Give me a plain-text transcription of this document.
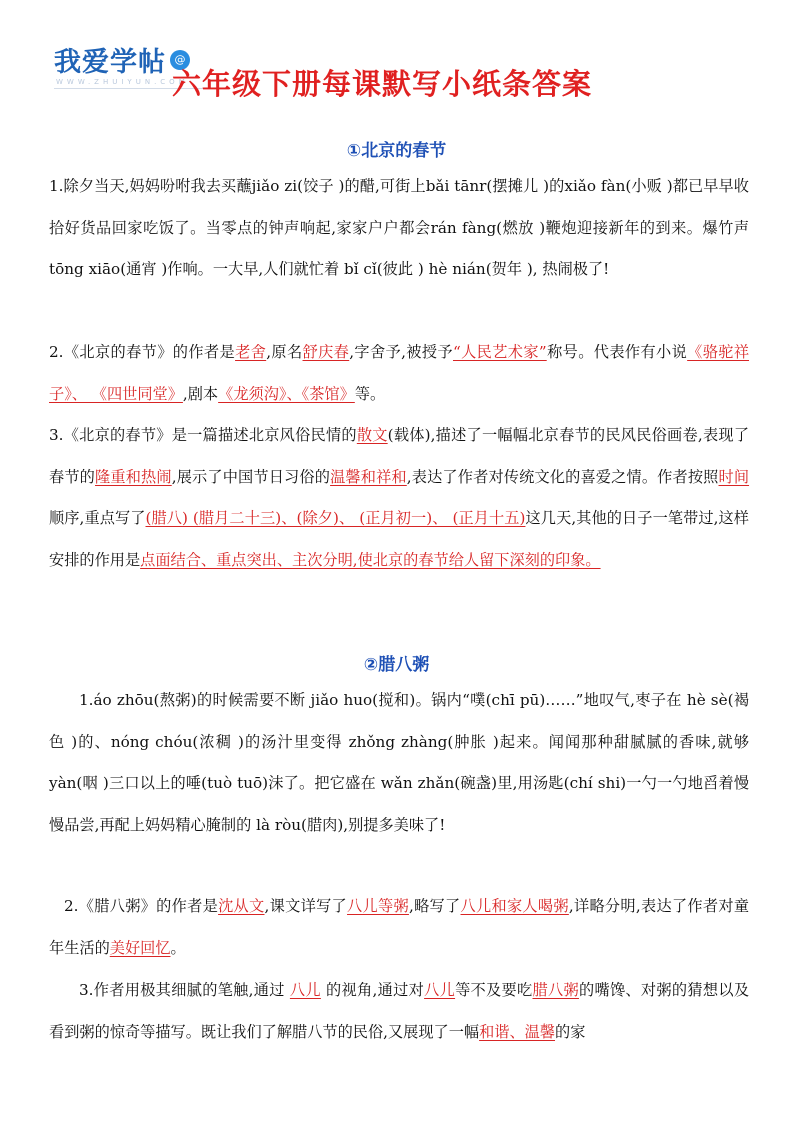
我爱学帖 @
WWW.ZHUIYUN.COM
六年级下册每课默写小纸条答案
①北京的春节
1.除夕当天,妈妈吩咐我去买蘸jiǎo zi(饺子 )的醋,可街上bǎi tānr(摆摊儿 )的xiǎo fàn(小贩 )都已早早收拾好货品回家吃饭了。当零点的钟声响起,家家户户都会rán fàng(燃放 )鞭炮迎接新年的到来。爆竹声tōng xiāo(通宵 )作响。一大早,人们就忙着 bǐ cǐ(彼此 ) hè nián(贺年 ), 热闹极了!
2.《北京的春节》的作者是老舍,原名舒庆春,字舍予,被授予“人民艺术家”称号。代表作有小说《骆驼祥子》、 《四世同堂》,剧本《龙须沟》、《茶馆》等。
3.《北京的春节》是一篇描述北京风俗民情的散文(载体),描述了一幅幅北京春节的民风民俗画卷,表现了春节的隆重和热闹,展示了中国节日习俗的温馨和祥和,表达了作者对传统文化的喜爱之情。作者按照时间顺序,重点写了(腊八) (腊月二十三)、(除夕)、 (正月初一)、 (正月十五)这几天,其他的日子一笔带过,这样安排的作用是点面结合、重点突出、主次分明,使北京的春节给人留下深刻的印象。
②腊八粥
1.áo zhōu(熬粥)的时候需要不断 jiǎo huo(搅和)。锅内“噗(chī pū)……”地叹气,枣子在 hè sè(褐色 )的、nóng chóu(浓稠 )的汤汁里变得 zhǒng zhàng(肿胀 )起来。闻闻那种甜腻腻的香味,就够 yàn(咽 )三口以上的唾(tuò tuō)沫了。把它盛在 wǎn zhǎn(碗盏)里,用汤匙(chí shi)一勺一勺地舀着慢慢品尝,再配上妈妈精心腌制的 là ròu(腊肉),别提多美味了!
2.《腊八粥》的作者是沈从文,课文详写了八儿等粥,略写了八儿和家人喝粥,详略分明,表达了作者对童年生活的美好回忆。
3.作者用极其细腻的笔触,通过 八儿 的视角,通过对八儿等不及要吃腊八粥的嘴馋、对粥的猜想以及看到粥的惊奇等描写。既让我们了解腊八节的民俗,又展现了一幅和谐、温馨的家
